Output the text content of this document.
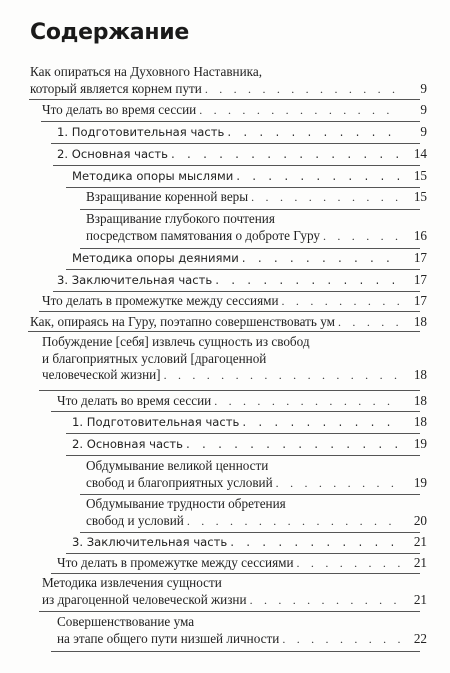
Содержание
Как опираться на Духовного Наставника,
который является корнем пути . . .	9
Что делать во время сессии . . .	9
1. Подготовительная часть . . .	9
2. Основная часть . . .	14
Методика опоры мыслями . . .	15
Взращивание коренной веры . . .	15
Взращивание глубокого почтения
посредством памятования о доброте Гуру . . .	16
Методика опоры деяниями . . .	17
3. Заключительная часть . . .	17
Что делать в промежутке между сессиями . . .	17
Как, опираясь на Гуру, поэтапно совершенствовать ум . . .	18
Побуждение [себя] извлечь сущность из свобод
и благоприятных условий [драгоценной
человеческой жизни] . . .	18
Что делать во время сессии . . .	18
1. Подготовительная часть . . .	18
2. Основная часть . . .	19
Обдумывание великой ценности
свобод и благоприятных условий . . .	19
Обдумывание трудности обретения
свобод и условий . . .	20
3. Заключительная часть . . .	21
Что делать в промежутке между сессиями . . .	21
Методика извлечения сущности
из драгоценной человеческой жизни . . .	21
Совершенствование ума
на этапе общего пути низшей личности . . .	22
